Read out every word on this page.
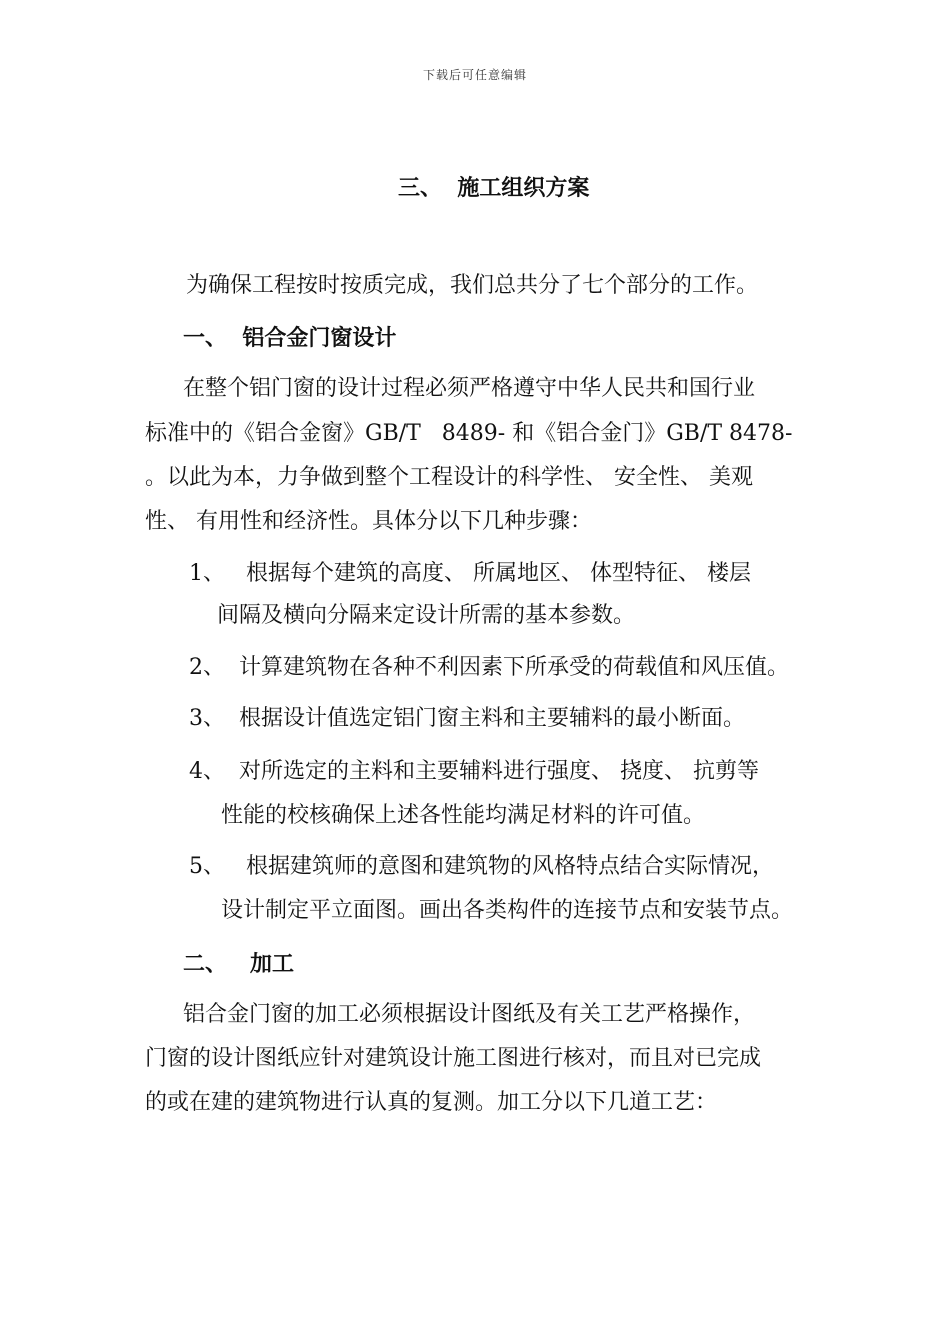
下载后可任意编辑
三、  施工组织方案
为确保工程按时按质完成，我们总共分了七个部分的工作。
一、  铝合金门窗设计
在整个铝门窗的设计过程必须严格遵守中华人民共和国行业
标准中的《铝合金窗》GB/T   8489- 和《铝合金门》GB/T 8478-
。以此为本，力争做到整个工程设计的科学性、 安全性、 美观
性、 有用性和经济性。具体分以下几种步骤：
1、   根据每个建筑的高度、 所属地区、 体型特征、 楼层
间隔及横向分隔来定设计所需的基本参数。
2、  计算建筑物在各种不利因素下所承受的荷载值和风压值。
3、  根据设计值选定铝门窗主料和主要辅料的最小断面。
4、  对所选定的主料和主要辅料进行强度、 挠度、 抗剪等
性能的校核确保上述各性能均满足材料的许可值。
5、   根据建筑师的意图和建筑物的风格特点结合实际情况，
设计制定平立面图。画出各类构件的连接节点和安装节点。
二、   加工
铝合金门窗的加工必须根据设计图纸及有关工艺严格操作，
门窗的设计图纸应针对建筑设计施工图进行核对，而且对已完成
的或在建的建筑物进行认真的复测。加工分以下几道工艺：
